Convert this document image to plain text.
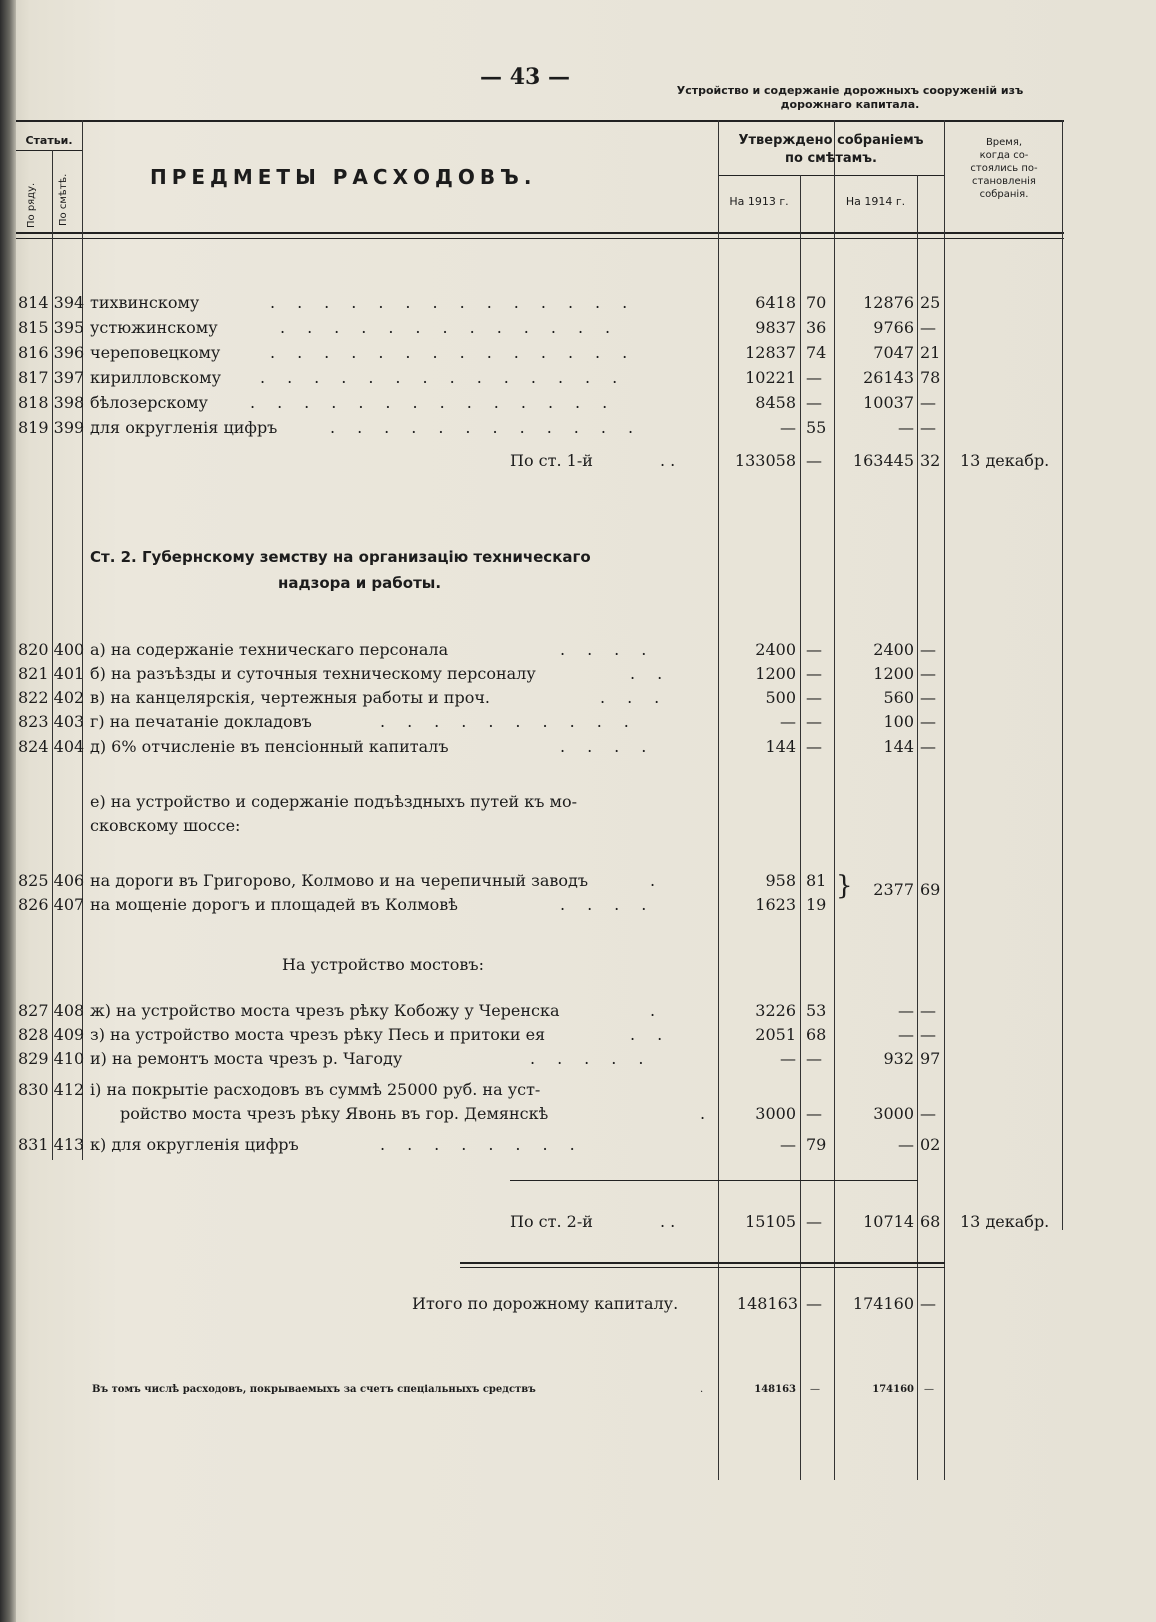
— 43 —
Устройство и содержаніе дорожныхъ сооруженій изъ
дорожнаго капитала.
Статьи.
По ряду. По смѣтѣ.	ПРЕДМЕТЫ РАСХОДОВЪ.
Утверждено собраніемъ
по смѣтамъ.
На 1913 г.	На 1914 г.
Время,
когда со-
стоялись по-
становленія
собранія.
814 394 тихвинскому	..............	6418 70	12876 25
815 395 устюжинскому	.............	9837 36	9766 —
816 396 череповецкому	..............	12837 74	7047 21
817 397 кирилловскому ..............	10221 —	26143 78
818 398 бѣлозерскому	..............	8458 —	10037 —
819 399 для округленія цифръ	............	— 55	— —
По ст. 1-й	. .	133058 —	163445 32 13 декабр.
Ст. 2. Губернскому земству на организацію техническаго
надзора и работы.
820 400 а) на содержаніе техническаго персонала	....	2400 —	2400 —
821 401 б) на разъѣзды и суточныя техническому персоналу	..	1200 —	1200 —
822 402 в) на канцелярскія, чертежныя работы и проч.	...	500 —	560 —
823 403 г) на печатаніе докладовъ	..........	— —	100 —
824 404 д) 6% отчисленіе въ пенсіонный капиталъ	....	144 —	144 —
е) на устройство и содержаніе подъѣздныхъ путей къ мо-
сковскому шоссе:
825 406 на дороги въ Григорово, Колмово и на черепичный заводъ	.	958 81
826 407 на мощеніе дорогъ и площадей въ Колмовѣ	....	1623 19
}	2377 69
На устройство мостовъ:
827 408 ж) на устройство моста чрезъ рѣку Кобожу у Черенска	.	3226 53	— —
828 409 з) на устройство моста чрезъ рѣку Песь и притоки ея	..	2051 68	— —
829 410 и) на ремонтъ моста чрезъ р. Чагоду	.....	— —	932 97
830 412 і) на покрытіе расходовъ въ суммѣ 25000 руб. на уст-
ройство моста чрезъ рѣку Явонь въ гор. Демянскѣ	.	3000 —	3000 —
831 413 к) для округленія цифръ	........	— 79	— 02
По ст. 2-й	. .	15105 —	10714 68 13 декабр.
Итого по дорожному капиталу.	148163 —	174160 —
Въ томъ числѣ расходовъ, покрываемыхъ за счетъ спеціальныхъ средствъ	.	148163 —	174160 —
